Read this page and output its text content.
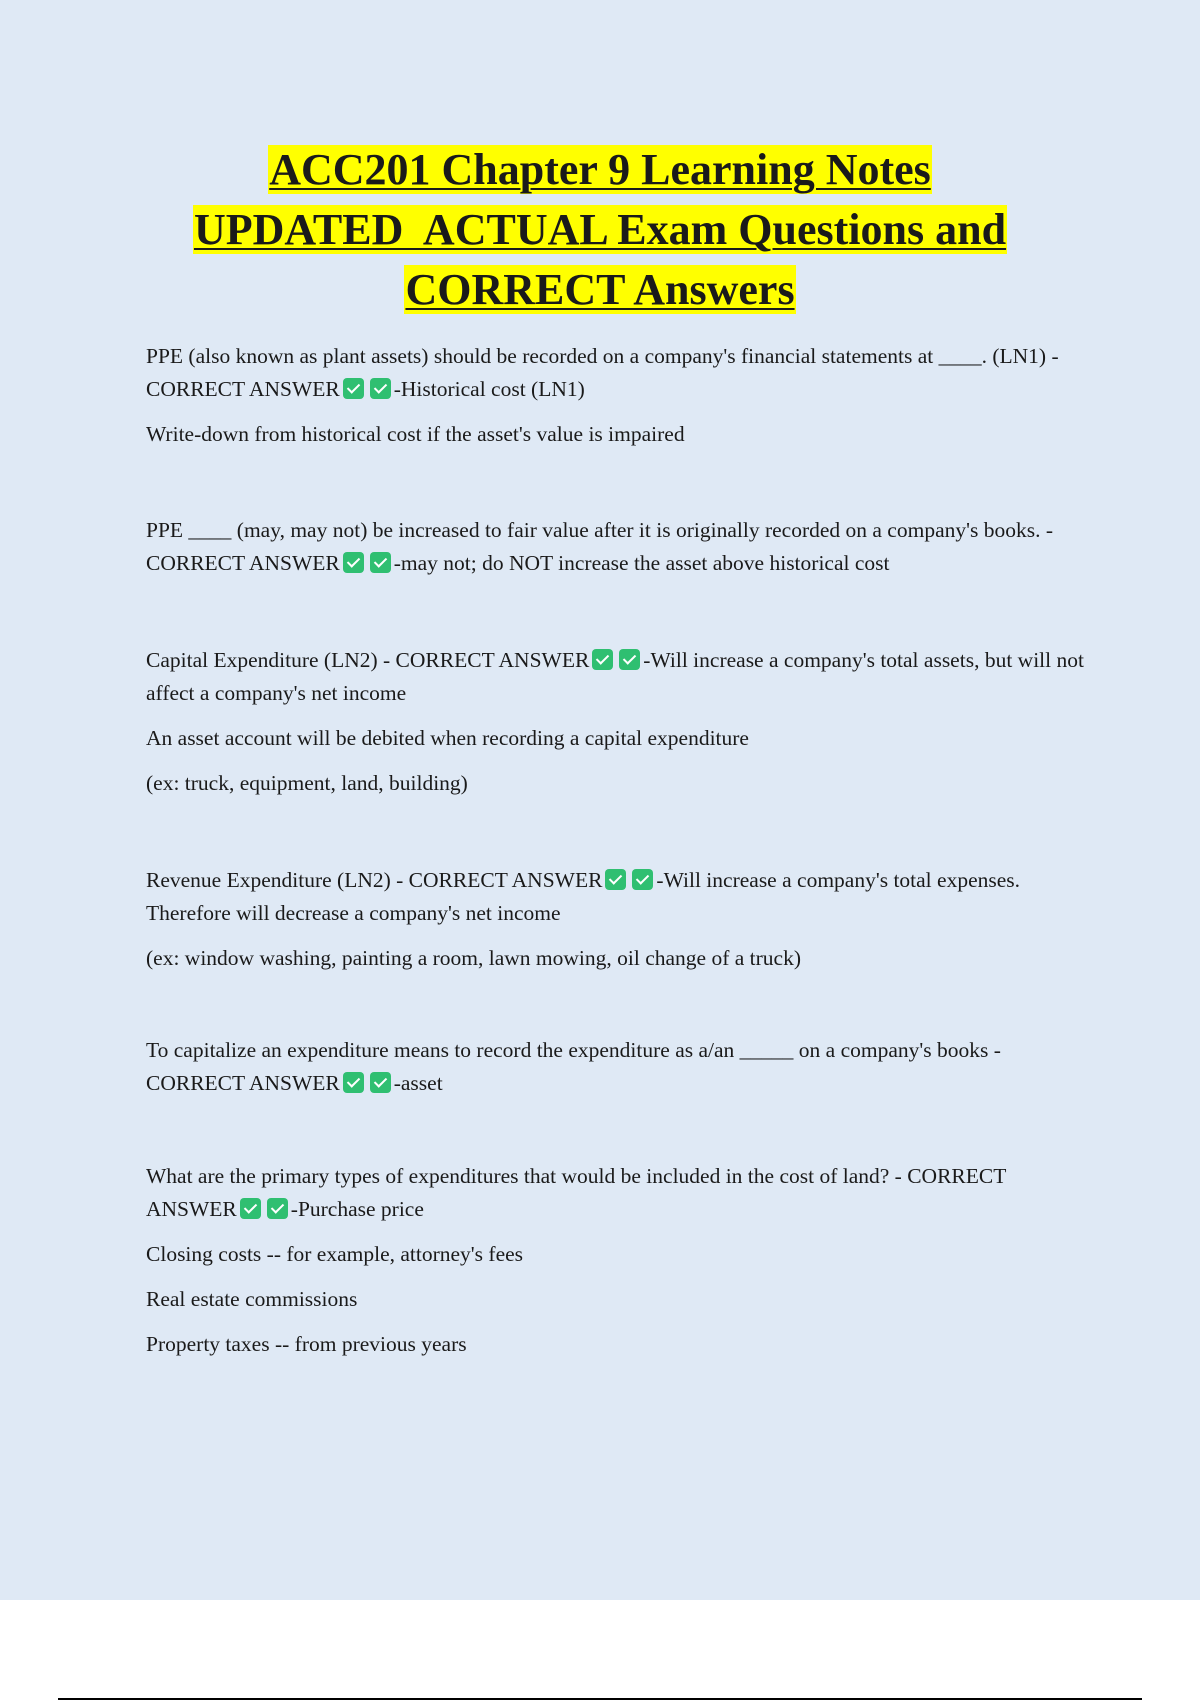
ACC201 Chapter 9 Learning Notes
UPDATED  ACTUAL Exam Questions and
CORRECT Answers

PPE (also known as plant assets) should be recorded on a company's financial statements at ____. (LN1) - CORRECT ANSWER	-Historical cost (LN1)

Write-down from historical cost if the asset's value is impaired

PPE ____ (may, may not) be increased to fair value after it is originally recorded on a company's books. - CORRECT ANSWER	-may not; do NOT increase the asset above historical cost

Capital Expenditure (LN2) - CORRECT ANSWER	-Will increase a company's total assets, but will not affect a company's net income

An asset account will be debited when recording a capital expenditure

(ex: truck, equipment, land, building)

Revenue Expenditure (LN2) - CORRECT ANSWER	-Will increase a company's total expenses. Therefore will decrease a company's net income

(ex: window washing, painting a room, lawn mowing, oil change of a truck)

To capitalize an expenditure means to record the expenditure as a/an _____ on a company's books - CORRECT ANSWER	-asset

What are the primary types of expenditures that would be included in the cost of land? - CORRECT ANSWER	-Purchase price

Closing costs -- for example, attorney's fees

Real estate commissions

Property taxes -- from previous years
